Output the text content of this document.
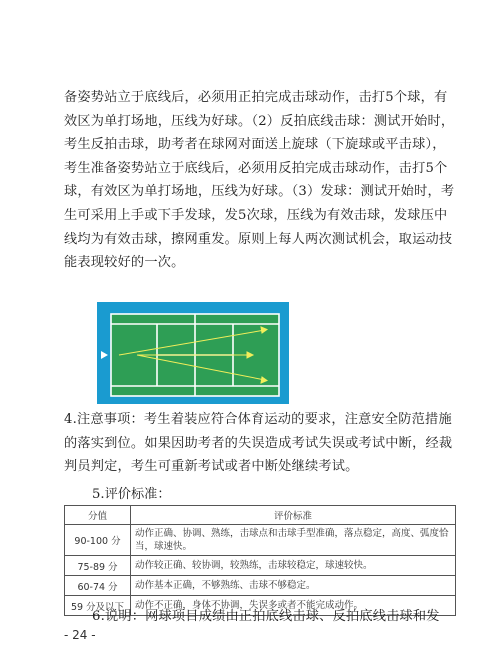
备姿势站立于底线后，必须用正拍完成击球动作，击打5个球，有效区为单打场地，压线为好球。（2）反拍底线击球：测试开始时，考生反拍击球，助考者在球网对面送上旋球（下旋球或平击球），考生准备姿势站立于底线后，必须用反拍完成击球动作，击打5个球，有效区为单打场地，压线为好球。（3）发球：测试开始时，考生可采用上手或下手发球，发5次球，压线为有效击球，发球压中线均为有效击球，擦网重发。原则上每人两次测试机会，取运动技能表现较好的一次。
4.注意事项：考生着装应符合体育运动的要求，注意安全防范措施的落实到位。如果因助考者的失误造成考试失误或考试中断，经裁判员判定，考生可重新考试或者中断处继续考试。
5.评价标准：
分值	评价标准
90-100 分	动作正确、协调、熟练，击球点和击球手型准确，落点稳定，高度、弧度恰当，球速快。
75-89 分	动作较正确、较协调，较熟练，击球较稳定，球速较快。
60-74 分	动作基本正确，不够熟练、击球不够稳定。
59 分及以下	动作不正确，身体不协调，失误多或者不能完成动作。
6.说明：网球项目成绩由正拍底线击球、反拍底线击球和发
- 24 -
